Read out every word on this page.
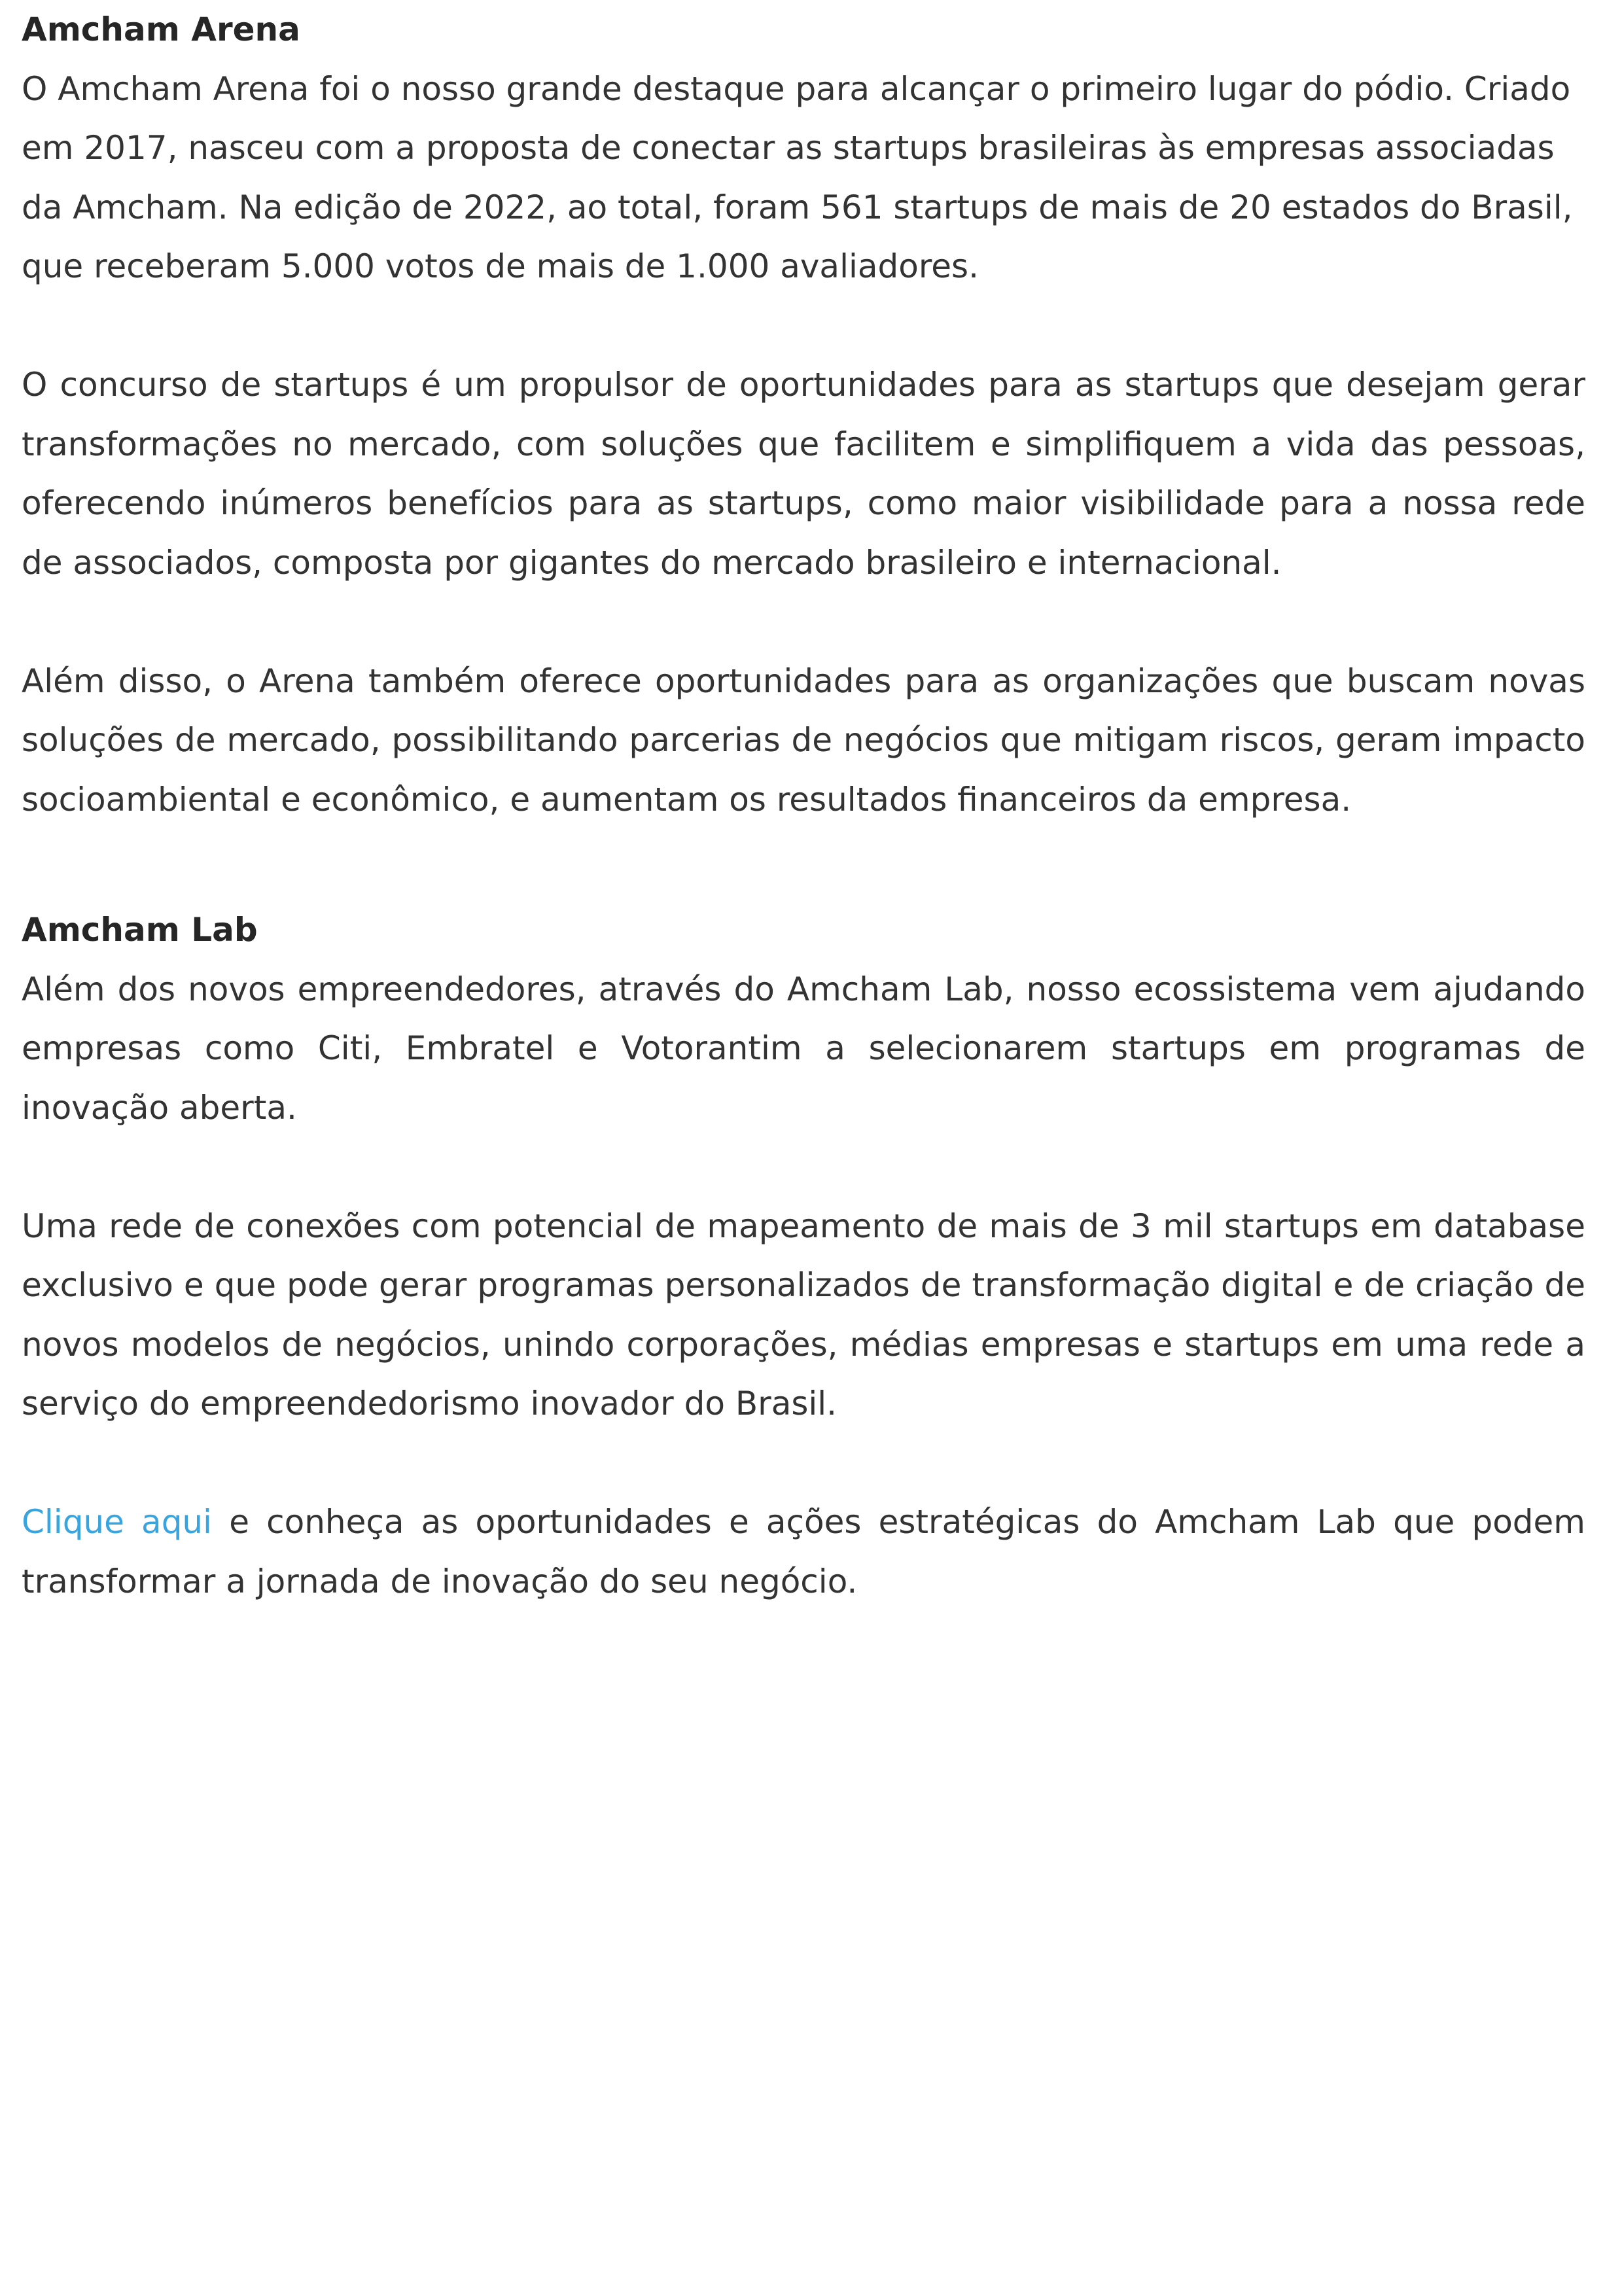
Amcham Arena

O Amcham Arena foi o nosso grande destaque para alcançar o primeiro lugar do pódio. Criado em 2017, nasceu com a proposta de conectar as startups brasileiras às empresas associadas da Amcham. Na edição de 2022, ao total, foram 561 startups de mais de 20 estados do Brasil, que receberam 5.000 votos de mais de 1.000 avaliadores.

O concurso de startups é um propulsor de oportunidades para as startups que desejam gerar transformações no mercado, com soluções que facilitem e simplifiquem a vida das pessoas, oferecendo inúmeros benefícios para as startups, como maior visibilidade para a nossa rede de associados, composta por gigantes do mercado brasileiro e internacional.

Além disso, o Arena também oferece oportunidades para as organizações que buscam novas soluções de mercado, possibilitando parcerias de negócios que mitigam riscos, geram impacto socioambiental e econômico, e aumentam os resultados financeiros da empresa.

Amcham Lab

Além dos novos empreendedores, através do Amcham Lab, nosso ecossistema vem ajudando empresas como Citi, Embratel e Votorantim a selecionarem startups em programas de inovação aberta.

Uma rede de conexões com potencial de mapeamento de mais de 3 mil startups em database exclusivo e que pode gerar programas personalizados de transformação digital e de criação de novos modelos de negócios, unindo corporações, médias empresas e startups em uma rede a serviço do empreendedorismo inovador do Brasil.

Clique aqui e conheça as oportunidades e ações estratégicas do Amcham Lab que podem transformar a jornada de inovação do seu negócio.
